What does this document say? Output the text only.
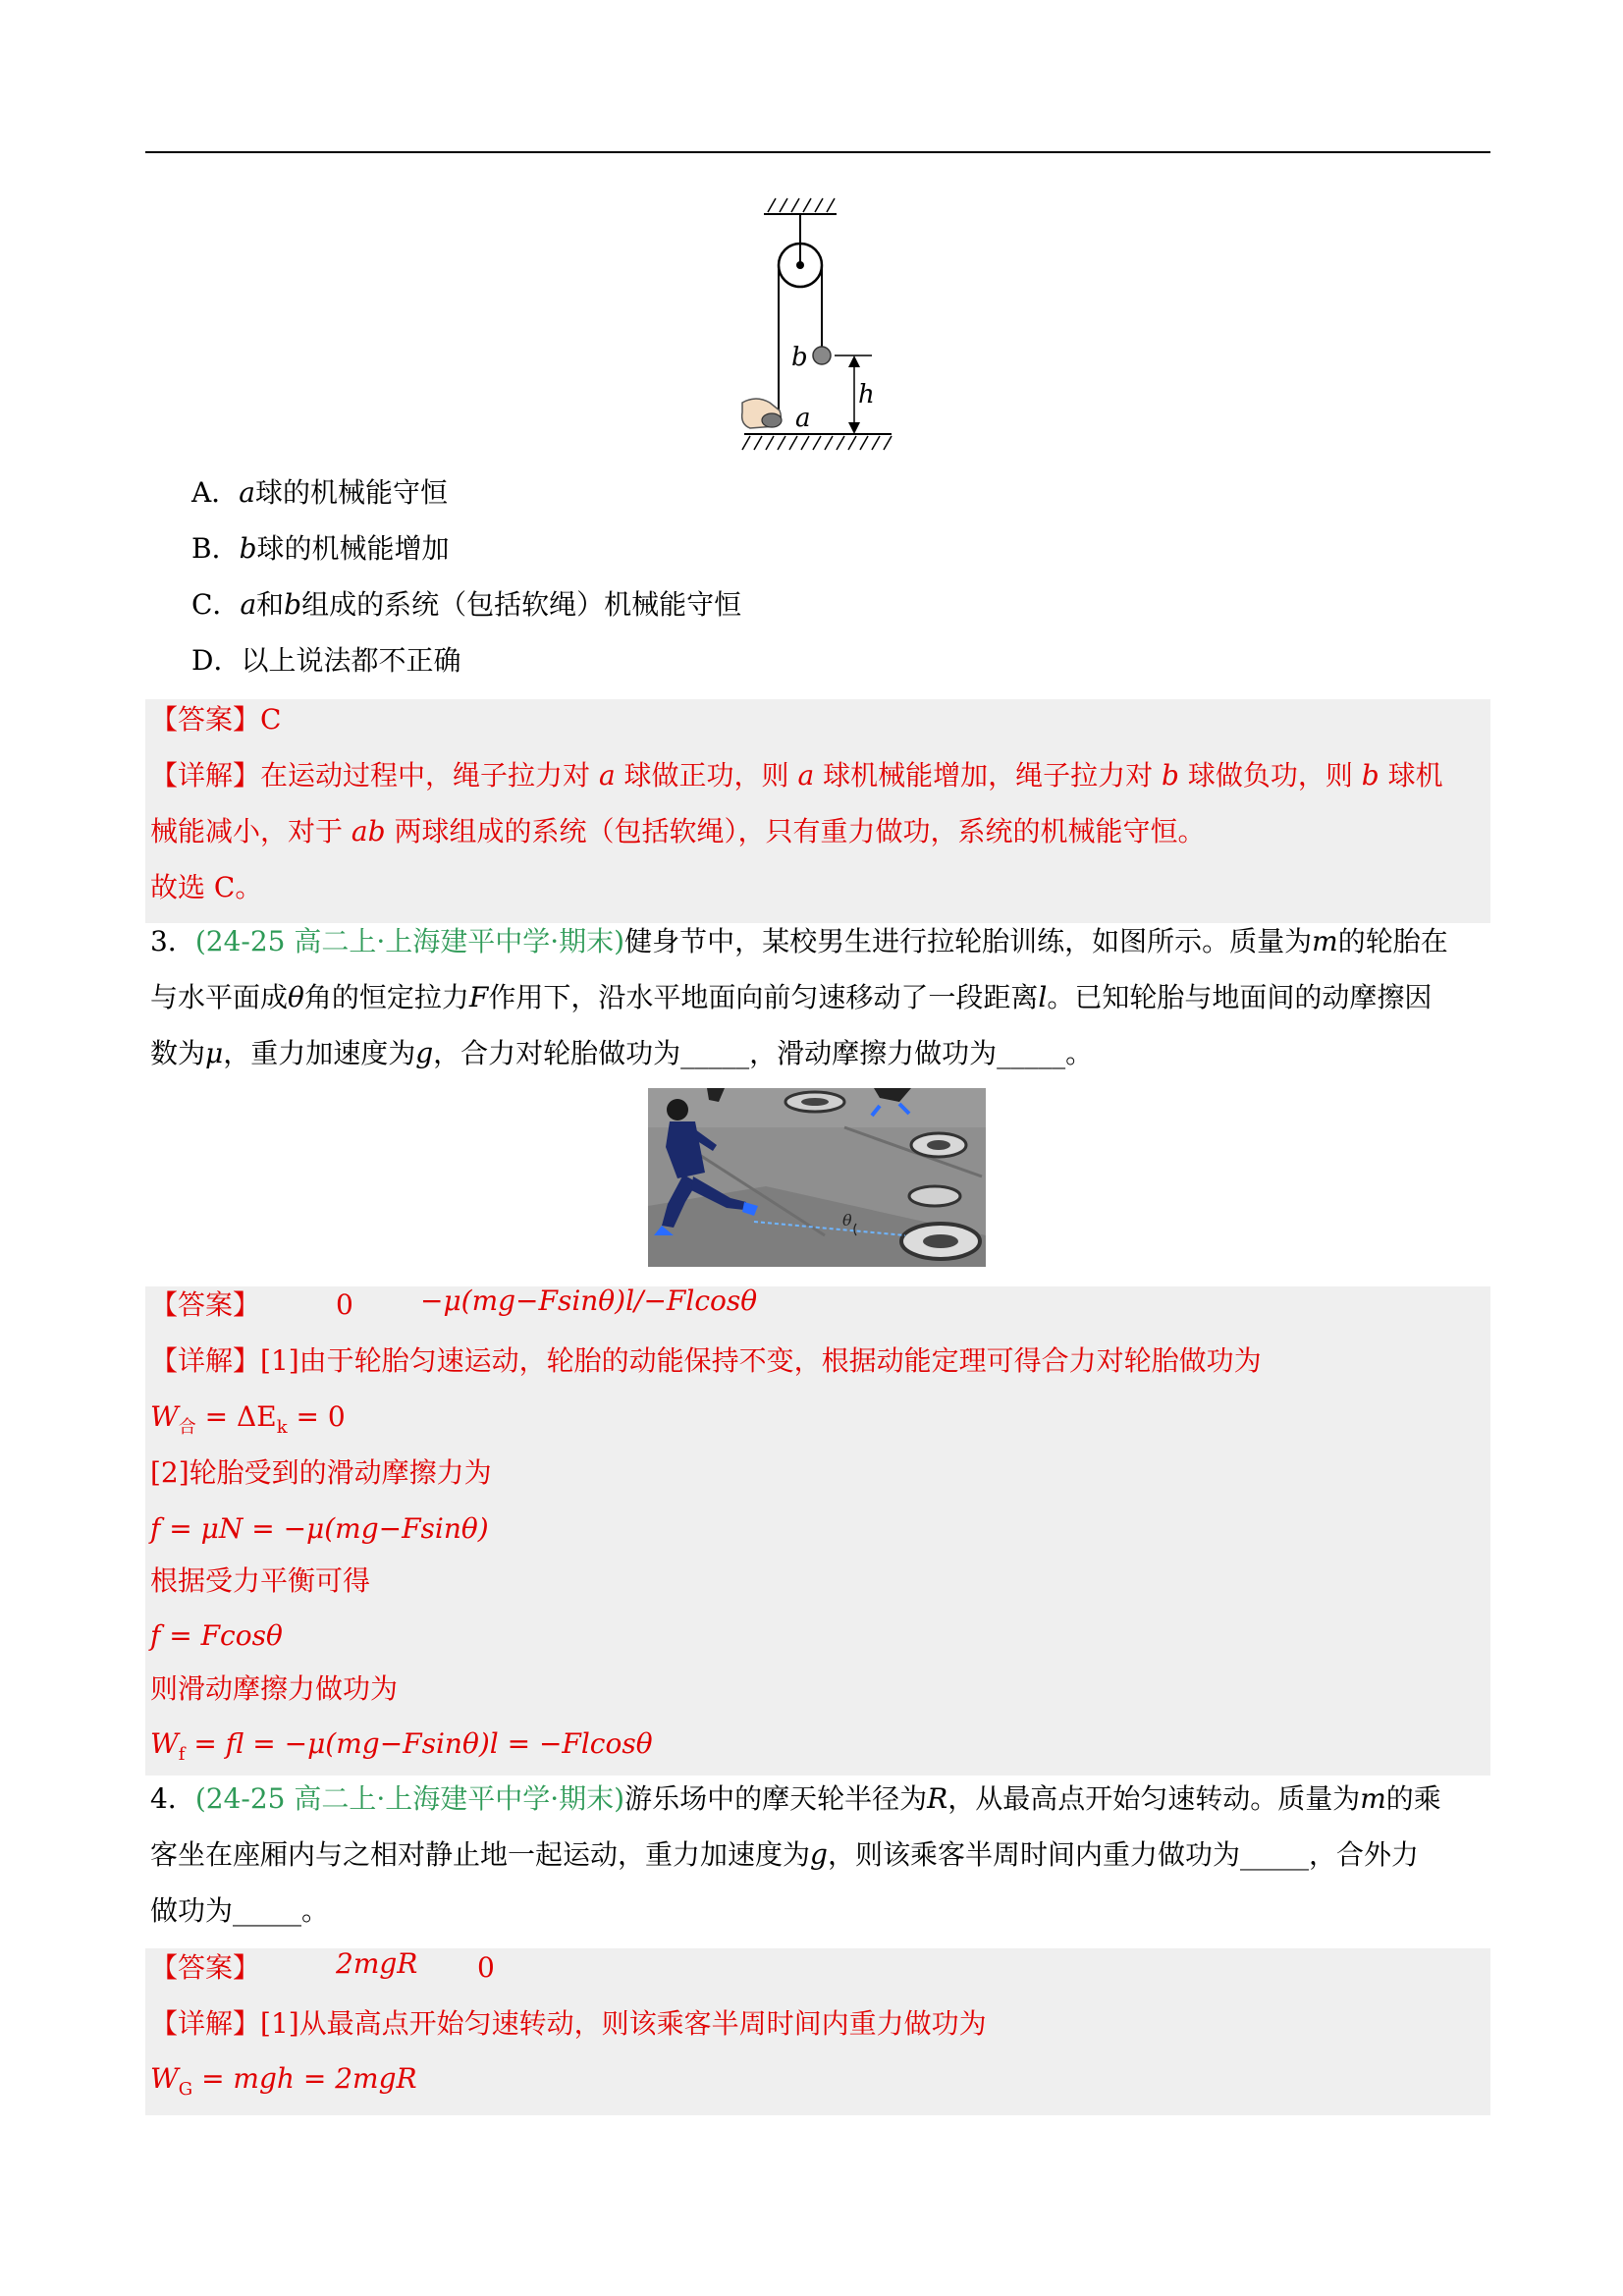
b
h
a
A．a球的机械能守恒
B．b球的机械能增加
C．a和b组成的系统（包括软绳）机械能守恒
D．以上说法都不正确
【答案】C
【详解】在运动过程中，绳子拉力对 a 球做正功，则 a 球机械能增加，绳子拉力对 b 球做负功，则 b 球机
械能减小，对于 ab 两球组成的系统（包括软绳），只有重力做功，系统的机械能守恒。
故选 C。
3．(24-25 高二上·上海建平中学·期末)健身节中，某校男生进行拉轮胎训练，如图所示。质量为m的轮胎在
与水平面成θ角的恒定拉力F作用下，沿水平地面向前匀速移动了一段距离l。已知轮胎与地面间的动摩擦因
数为μ，重力加速度为g，合力对轮胎做功为_____，滑动摩擦力做功为_____。
θ
【答案】	0 −μ(mg−Fsinθ)l/−Flcosθ
【详解】[1]由于轮胎匀速运动，轮胎的动能保持不变，根据动能定理可得合力对轮胎做功为
$W_合 = \Delta E_k = 0$
[2]轮胎受到的滑动摩擦力为
f = μN = −μ(mg−Fsinθ)
根据受力平衡可得
f = Fcosθ
则滑动摩擦力做功为
$W_f$ = fl = −μ(mg−Fsinθ)l = −Flcosθ
4．(24-25 高二上·上海建平中学·期末)游乐场中的摩天轮半径为R，从最高点开始匀速转动。质量为m的乘
客坐在座厢内与之相对静止地一起运动，重力加速度为g，则该乘客半周时间内重力做功为_____，合外力
做功为_____。
【答案】	2mgR 0
【详解】[1]从最高点开始匀速转动，则该乘客半周时间内重力做功为
$W_G$ = mgh = 2mgR
